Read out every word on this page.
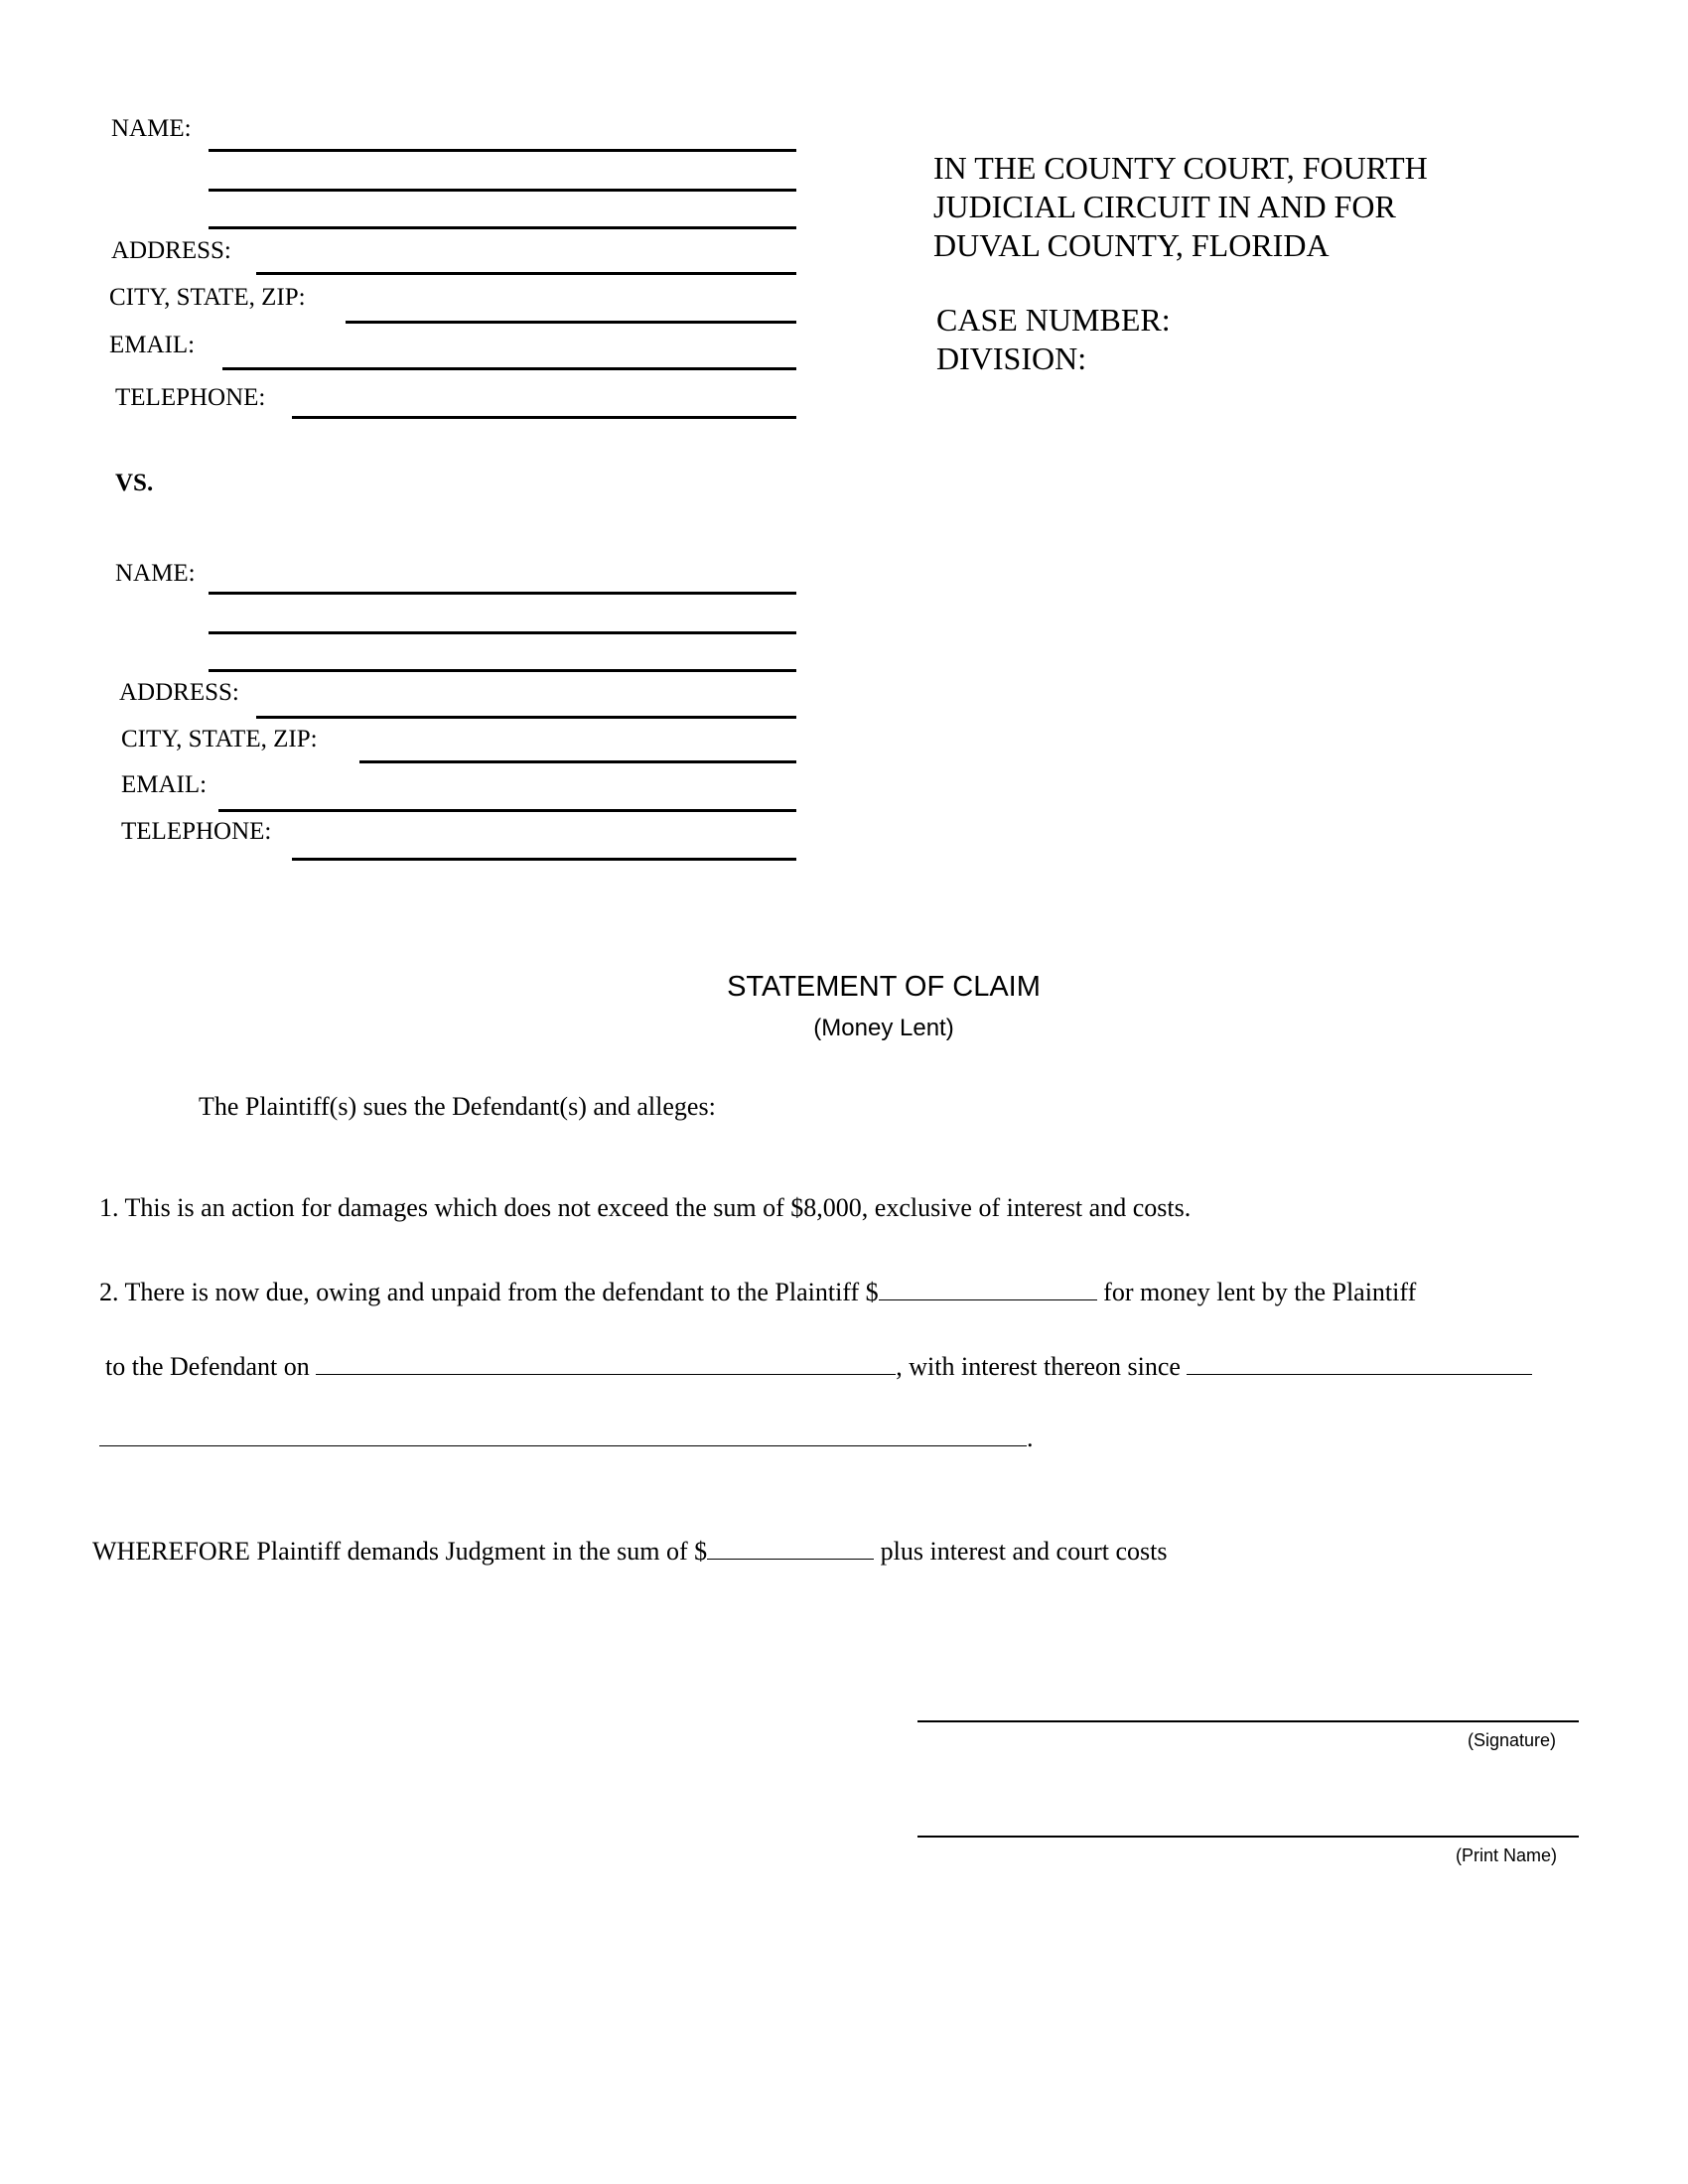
NAME:
ADDRESS:
CITY, STATE, ZIP:
EMAIL:
TELEPHONE:
IN THE COUNTY COURT, FOURTH
JUDICIAL CIRCUIT IN AND FOR
DUVAL COUNTY, FLORIDA
CASE NUMBER:
DIVISION:
VS.
NAME:
ADDRESS:
CITY, STATE, ZIP:
EMAIL:
TELEPHONE:
STATEMENT OF CLAIM
(Money Lent)
The Plaintiff(s) sues the Defendant(s) and alleges:
1. This is an action for damages which does not exceed the sum of $8,000, exclusive of interest and costs.
2. There is now due, owing and unpaid from the defendant to the Plaintiff $	for money lent by the Plaintiff
to the Defendant on	, with interest thereon since
.
WHEREFORE Plaintiff demands Judgment in the sum of $	plus interest and court costs
(Signature)
(Print Name)
